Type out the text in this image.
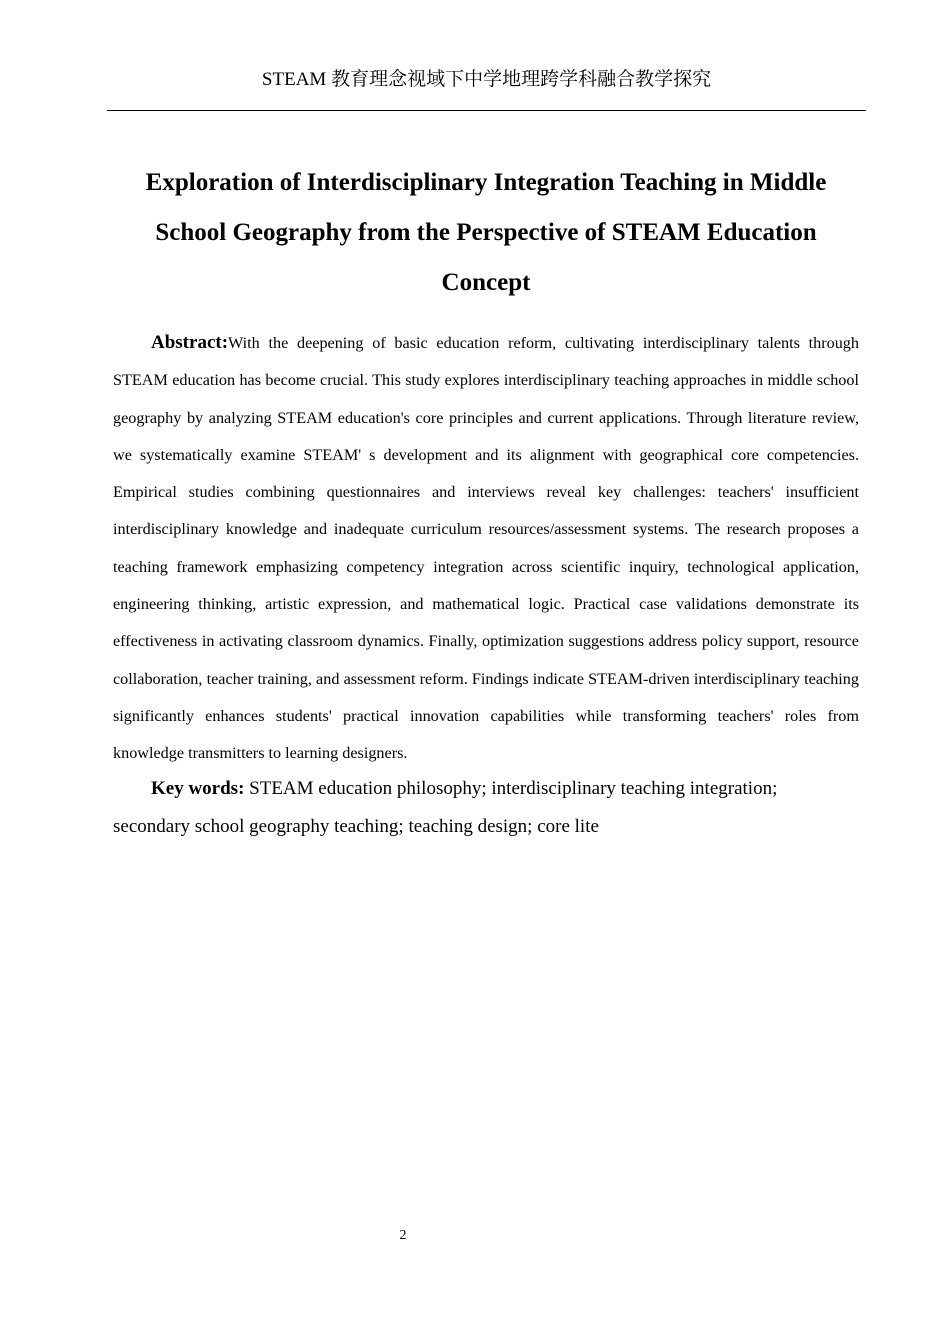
STEAM 教育理念视域下中学地理跨学科融合教学探究
Exploration of Interdisciplinary Integration Teaching in Middle School Geography from the Perspective of STEAM Education Concept

Abstract:With the deepening of basic education reform, cultivating interdisciplinary talents through STEAM education has become crucial. This study explores interdisciplinary teaching approaches in middle school geography by analyzing STEAM education's core principles and current applications. Through literature review, we systematically examine STEAM' s development and its alignment with geographical core competencies. Empirical studies combining questionnaires and interviews reveal key challenges: teachers' insufficient interdisciplinary knowledge and inadequate curriculum resources/assessment systems. The research proposes a teaching framework emphasizing competency integration across scientific inquiry, technological application, engineering thinking, artistic expression, and mathematical logic. Practical case validations demonstrate its effectiveness in activating classroom dynamics. Finally, optimization suggestions address policy support, resource collaboration, teacher training, and assessment reform. Findings indicate STEAM-driven interdisciplinary teaching significantly enhances students' practical innovation capabilities while transforming teachers' roles from knowledge transmitters to learning designers.

Key words: STEAM education philosophy; interdisciplinary teaching integration; secondary school geography teaching; teaching design; core lite

2
